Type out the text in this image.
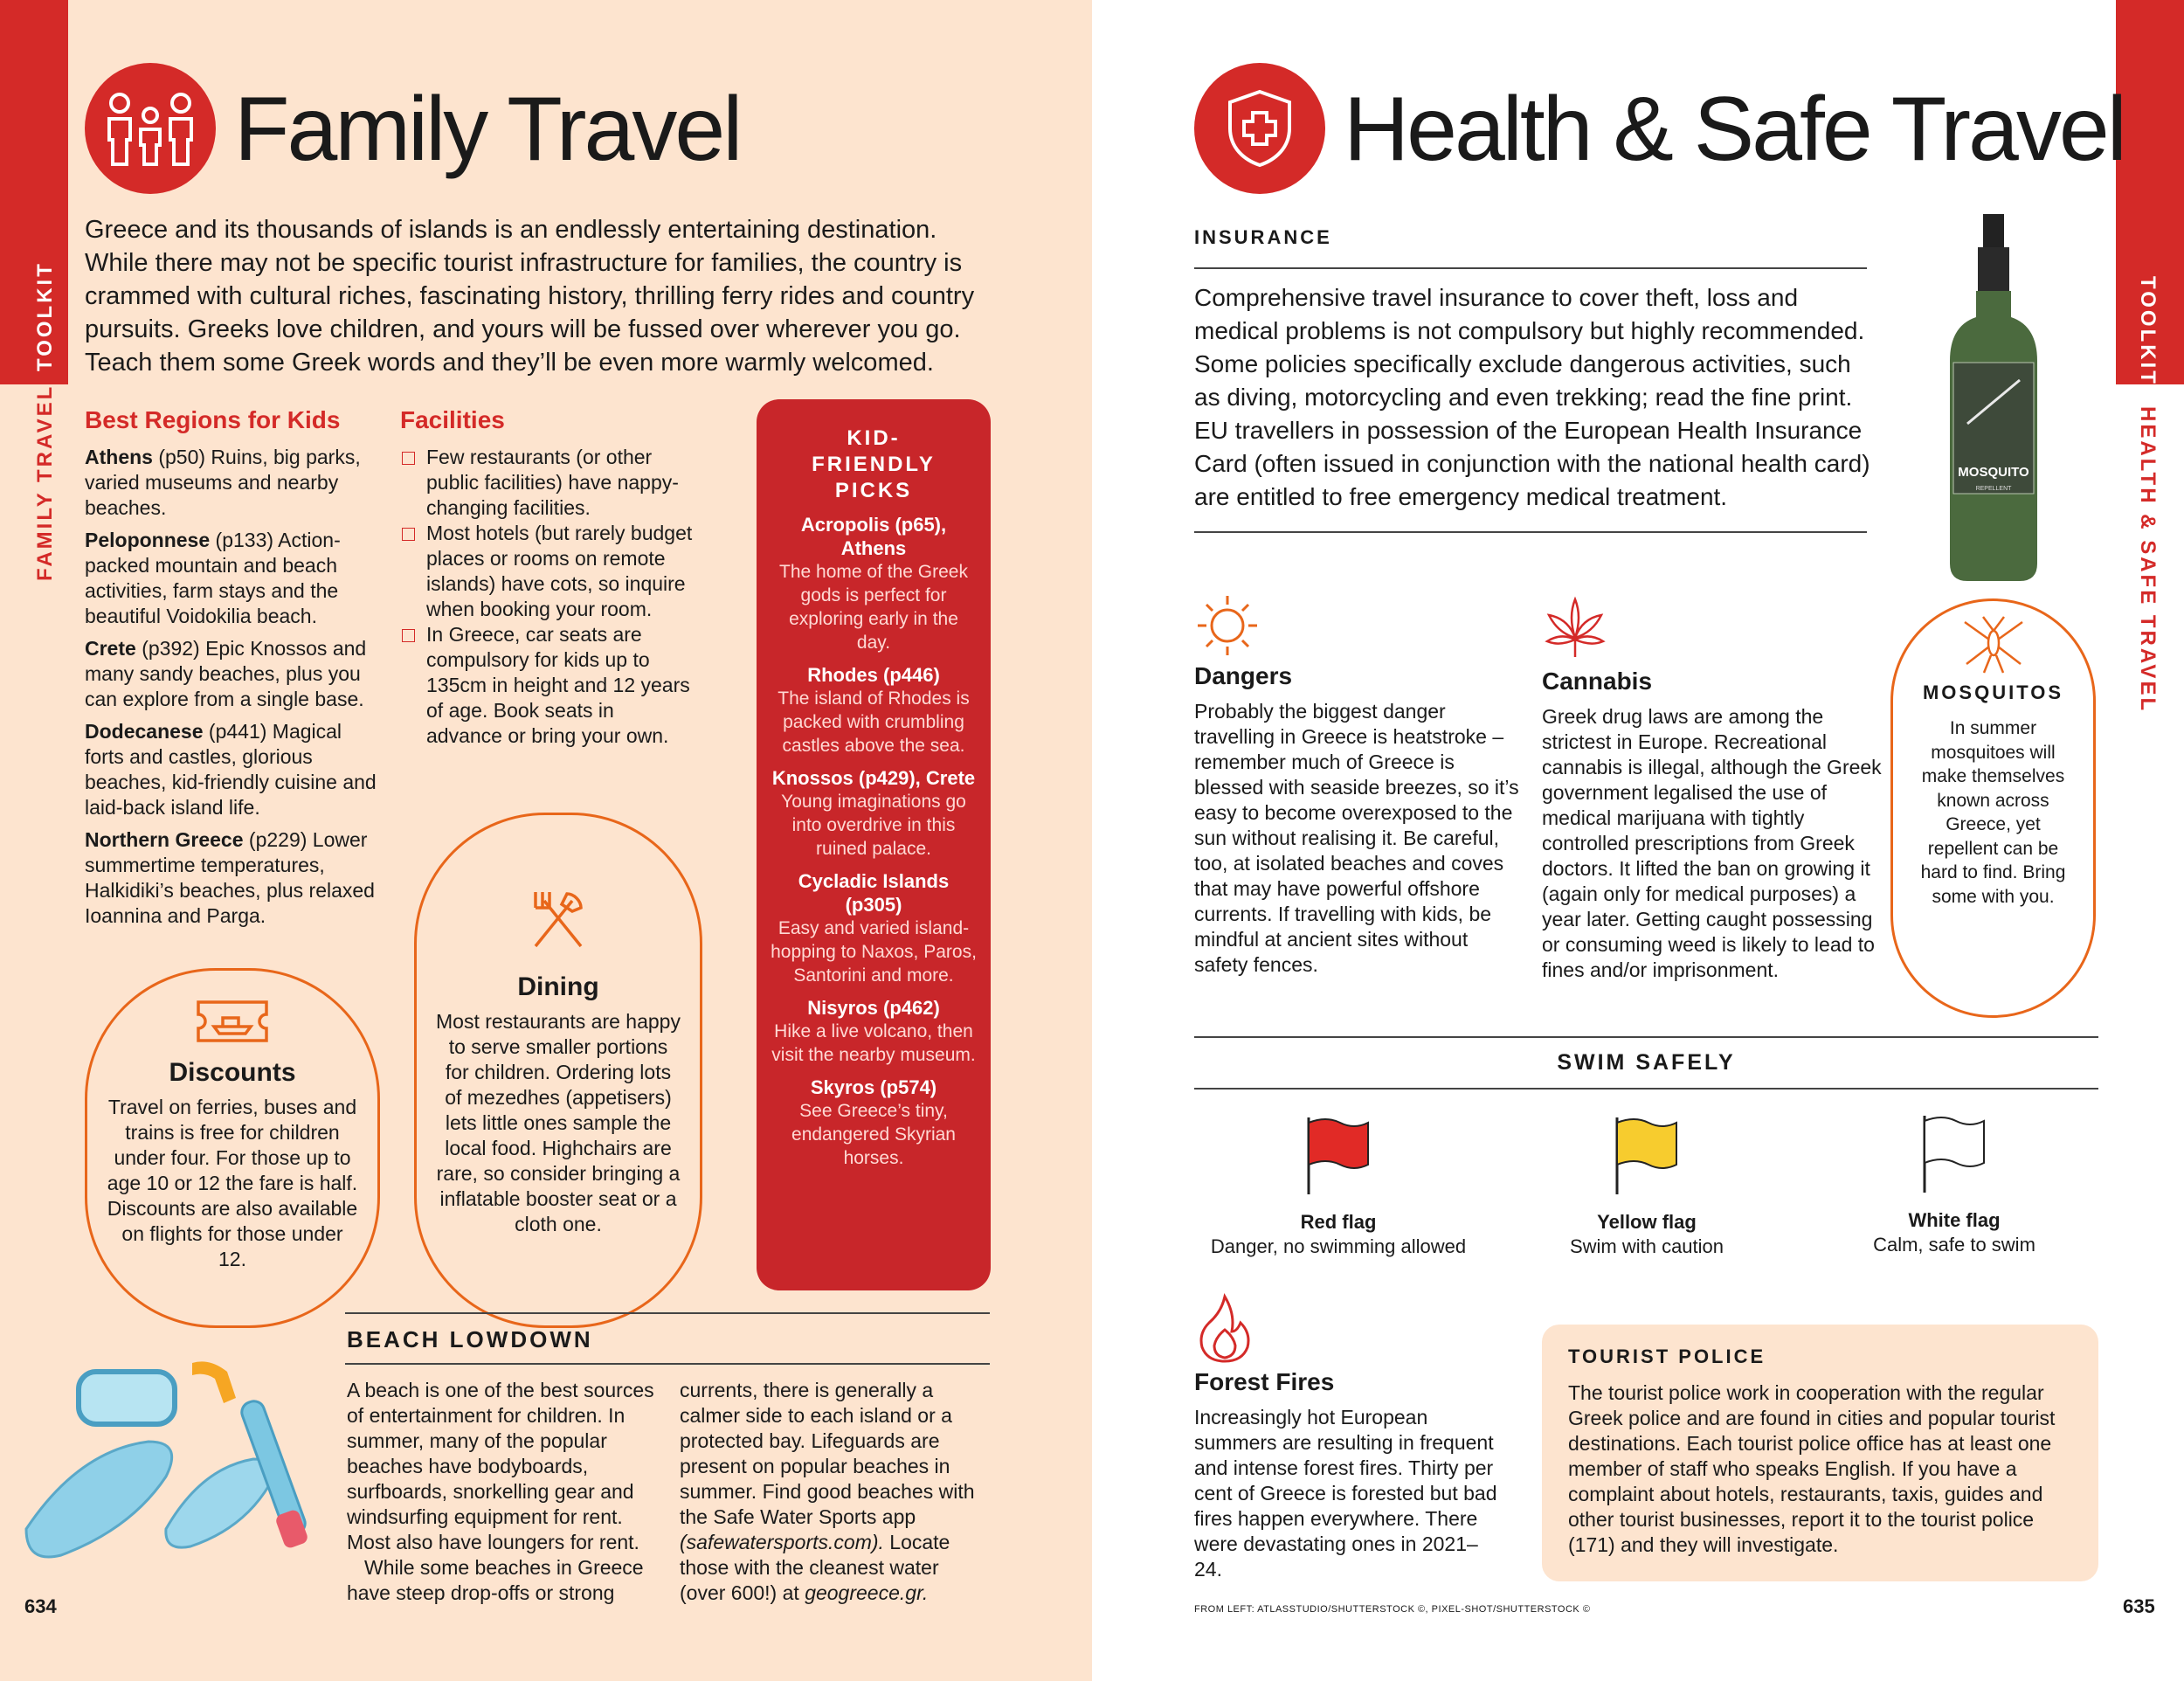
TOOLKIT
FAMILY TRAVEL
Family Travel
Greece and its thousands of islands is an endlessly entertaining destination.
While there may not be specific tourist infrastructure for families, the country is
crammed with cultural riches, fascinating history, thrilling ferry rides and country
pursuits. Greeks love children, and yours will be fussed over wherever you go.
Teach them some Greek words and they’ll be even more warmly welcomed.
Best Regions for Kids
Athens (p50) Ruins, big parks, varied museums and nearby beaches.
Peloponnese (p133) Action-packed mountain and beach activities, farm stays and the beautiful Voidokilia beach.
Crete (p392) Epic Knossos and many sandy beaches, plus you can explore from a single base.
Dodecanese (p441) Magical forts and castles, glorious beaches, kid-friendly cuisine and laid-back island life.
Northern Greece (p229) Lower summertime temperatures, Halkidiki’s beaches, plus relaxed Ioannina and Parga.
Facilities
Few restaurants (or other public facilities) have nappy-changing facilities.
Most hotels (but rarely budget places or rooms on remote islands) have cots, so inquire when booking your room.
In Greece, car seats are compulsory for kids up to 135cm in height and 12 years of age. Book seats in advance or bring your own.
KID-FRIENDLY PICKS
Acropolis (p65), Athens
The home of the Greek gods is perfect for exploring early in the day.
Rhodes (p446)
The island of Rhodes is packed with crumbling castles above the sea.
Knossos (p429), Crete
Young imaginations go into overdrive in this ruined palace.
Cycladic Islands (p305)
Easy and varied island-hopping to Naxos, Paros, Santorini and more.
Nisyros (p462)
Hike a live volcano, then visit the nearby museum.
Skyros (p574)
See Greece’s tiny, endangered Skyrian horses.
Dining
Most restaurants are happy to serve smaller portions for children. Ordering lots of mezedhes (appetisers) lets little ones sample the local food. Highchairs are rare, so consider bringing a inflatable booster seat or a cloth one.
Discounts
Travel on ferries, buses and trains is free for children under four. For those up to age 10 or 12 the fare is half. Discounts are also available on flights for those under 12.
BEACH LOWDOWN
A beach is one of the best sources of entertainment for children. In summer, many of the popular beaches have bodyboards, surfboards, snorkelling gear and windsurfing equipment for rent. Most also have loungers for rent.
While some beaches in Greece have steep drop-offs or strong
currents, there is generally a calmer side to each island or a protected bay. Lifeguards are present on popular beaches in summer. Find good beaches with the Safe Water Sports app (safewatersports.com). Locate those with the cleanest water (over 600!) at geogreece.gr.
634
TOOLKIT
HEALTH & SAFE TRAVEL
Health & Safe Travel
INSURANCE
Comprehensive travel insurance to cover theft, loss and medical problems is not compulsory but highly recommended. Some policies specifically exclude dangerous activities, such as diving, motorcycling and even trekking; read the fine print. EU travellers in possession of the European Health Insurance Card (often issued in conjunction with the national health card) are entitled to free emergency medical treatment.
MOSQUITO
REPELLENT
Dangers
Probably the biggest danger travelling in Greece is heatstroke – remember much of Greece is blessed with seaside breezes, so it’s easy to become overexposed to the sun without realising it. Be careful, too, at isolated beaches and coves that may have powerful offshore currents. If travelling with kids, be mindful at ancient sites without safety fences.
Cannabis
Greek drug laws are among the strictest in Europe. Recreational cannabis is illegal, although the Greek government legalised the use of medical marijuana with tightly controlled prescriptions from Greek doctors. It lifted the ban on growing it (again only for medical purposes) a year later. Getting caught possessing or consuming weed is likely to lead to fines and/or imprisonment.
MOSQUITOS
In summer mosquitoes will make themselves known across Greece, yet repellent can be hard to find. Bring some with you.
SWIM SAFELY
Red flag
Danger, no swimming allowed
Yellow flag
Swim with caution
White flag
Calm, safe to swim
Forest Fires
Increasingly hot European summers are resulting in frequent and intense forest fires. Thirty per cent of Greece is forested but bad fires happen everywhere. There were devastating ones in 2021–24.
TOURIST POLICE
The tourist police work in cooperation with the regular Greek police and are found in cities and popular tourist destinations. Each tourist police office has at least one member of staff who speaks English. If you have a complaint about hotels, restaurants, taxis, guides and other tourist businesses, report it to the tourist police (171) and they will investigate.
FROM LEFT: ATLASSTUDIO/SHUTTERSTOCK ©, PIXEL-SHOT/SHUTTERSTOCK ©	635
